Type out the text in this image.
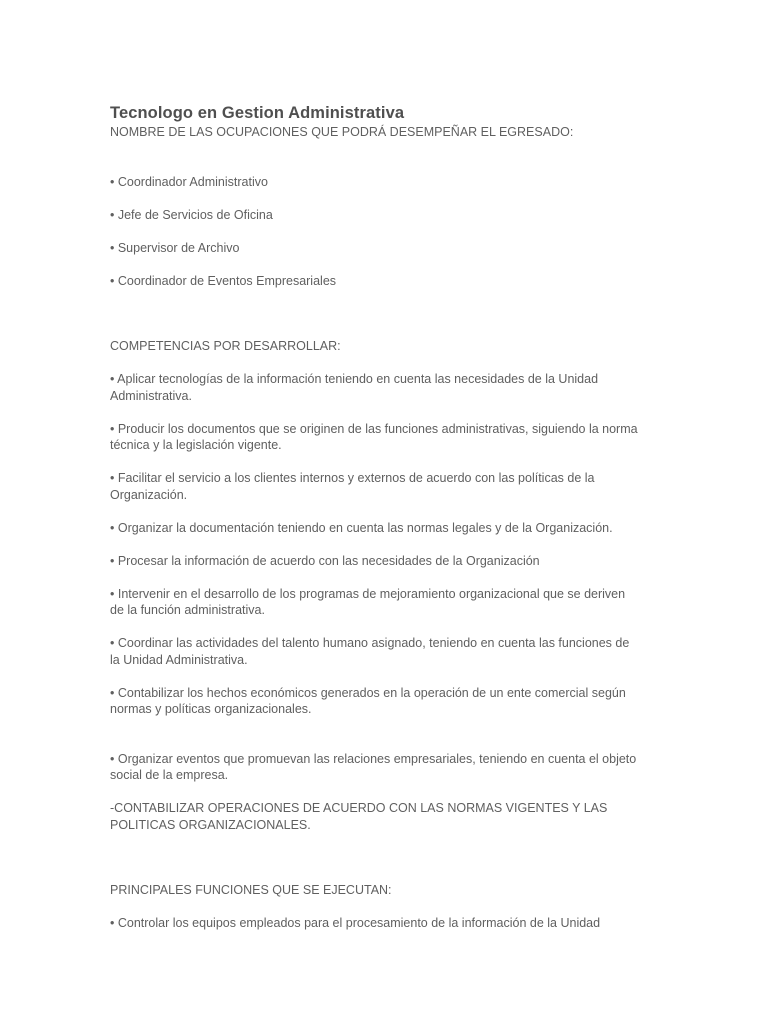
Tecnologo en Gestion Administrativa

NOMBRE DE LAS OCUPACIONES QUE PODRÁ DESEMPEÑAR EL EGRESADO:

• Coordinador Administrativo

• Jefe de Servicios de Oficina

• Supervisor de Archivo

• Coordinador de Eventos Empresariales

COMPETENCIAS POR DESARROLLAR:

• Aplicar tecnologías de la información teniendo en cuenta las necesidades de la Unidad

Administrativa.

• Producir los documentos que se originen de las funciones administrativas, siguiendo la norma

técnica y la legislación vigente.

• Facilitar el servicio a los clientes internos y externos de acuerdo con las políticas de la

Organización.

• Organizar la documentación teniendo en cuenta las normas legales y de la Organización.

• Procesar la información de acuerdo con las necesidades de la Organización

• Intervenir en el desarrollo de los programas de mejoramiento organizacional que se deriven

de la función administrativa.

• Coordinar las actividades del talento humano asignado, teniendo en cuenta las funciones de

la Unidad Administrativa.

• Contabilizar los hechos económicos generados en la operación de un ente comercial según

normas y políticas organizacionales.

• Organizar eventos que promuevan las relaciones empresariales, teniendo en cuenta el objeto

social de la empresa.

-CONTABILIZAR OPERACIONES DE ACUERDO CON LAS NORMAS VIGENTES Y LAS

POLITICAS ORGANIZACIONALES.

PRINCIPALES FUNCIONES QUE SE EJECUTAN:

• Controlar los equipos empleados para el procesamiento de la información de la Unidad
